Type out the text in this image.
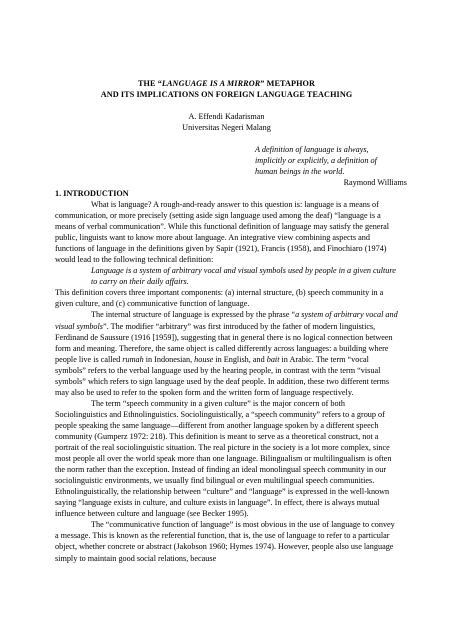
THE “LANGUAGE IS A MIRROR” METAPHOR
AND ITS IMPLICATIONS ON FOREIGN LANGUAGE TEACHING
A. Effendi Kadarisman
Universitas Negeri Malang
A definition of language is always,
implicitly or explicitly, a definition of
human beings in the world.
Raymond Williams
1. INTRODUCTION

What is language? A rough-and-ready answer to this question is: language is a means of communication, or more precisely (setting aside sign language used among the deaf) “language is a means of verbal communication”. While this functional definition of language may satisfy the general public, linguists want to know more about language. An integrative view combining aspects and functions of language in the definitions given by Sapir (1921), Francis (1958), and Finochiaro (1974) would lead to the following technical definition:

Language is a system of arbitrary vocal and visual symbols used by people in a given culture to carry on their daily affairs.

This definition covers three important components: (a) internal structure, (b) speech community in a given culture, and (c) communicative function of language.

The internal structure of language is expressed by the phrase “a system of arbitrary vocal and visual symbols”. The modifier “arbitrary” was first introduced by the father of modern linguistics, Ferdinand de Saussure (1916 [1959]), suggesting that in general there is no logical connection between form and meaning. Therefore, the same object is called differently across languages: a building where people live is called rumah in Indonesian, house in English, and bait in Arabic. The term “vocal symbols” refers to the verbal language used by the hearing people, in contrast with the term “visual symbols” which refers to sign language used by the deaf people. In addition, these two different terms may also be used to refer to the spoken form and the written form of language respectively.

The term “speech community in a given culture” is the major concern of both Sociolinguistics and Ethnolinguistics. Sociolinguistically, a “speech community” refers to a group of people speaking the same language—different from another language spoken by a different speech community (Gumperz 1972: 218). This definition is meant to serve as a theoretical construct, not a portrait of the real sociolinguistic situation. The real picture in the society is a lot more complex, since most people all over the world speak more than one language. Bilingualism or multilingualism is often the norm rather than the exception. Instead of finding an ideal monolingual speech community in our sociolinguistic environments, we usually find bilingual or even multilingual speech communities. Ethnolinguistically, the relationship between “culture” and “language” is expressed in the well-known saying “language exists in culture, and culture exists in language”. In effect, there is always mutual influence between culture and language (see Becker 1995).

The “communicative function of language” is most obvious in the use of language to convey a message. This is known as the referential function, that is, the use of language to refer to a particular object, whether concrete or abstract (Jakobson 1960; Hymes 1974). However, people also use language simply to maintain good social relations, because
